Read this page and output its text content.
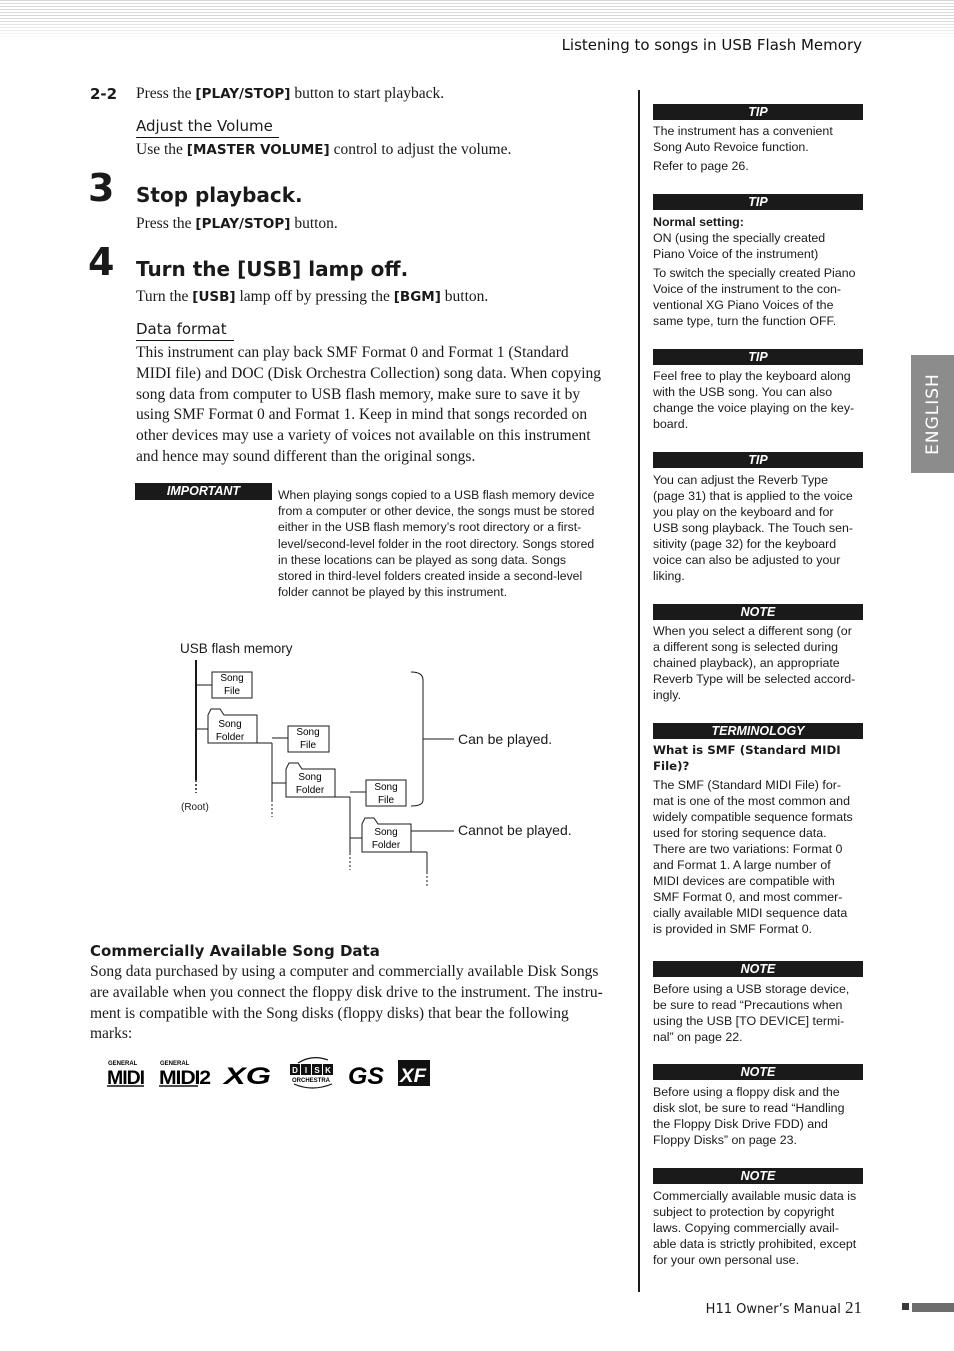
Listening to songs in USB Flash Memory
ENGLISH
2-2 Press the [PLAY/STOP] button to start playback.
Adjust the Volume
Use the [MASTER VOLUME] control to adjust the volume.
3 Stop playback.
Press the [PLAY/STOP] button.
4 Turn the [USB] lamp off.
Turn the [USB] lamp off by pressing the [BGM] button.
Data format
This instrument can play back SMF Format 0 and Format 1 (Standard
MIDI file) and DOC (Disk Orchestra Collection) song data. When copying
song data from computer to USB flash memory, make sure to save it by
using SMF Format 0 and Format 1. Keep in mind that songs recorded on
other devices may use a variety of voices not available on this instrument
and hence may sound different than the original songs.
IMPORTANT	When playing songs copied to a USB flash memory device
from a computer or other device, the songs must be stored
either in the USB flash memory’s root directory or a first-
level/second-level folder in the root directory. Songs stored
in these locations can be played as song data. Songs
stored in third-level folders created inside a second-level
folder cannot be played by this instrument.
USB flash memory
(Root)
Song
File
Song
Folder	Song
File
Song
Folder	Song
File
Song
Folder
Can be played.
Cannot be played.
Commercially Available Song Data
Song data purchased by using a computer and commercially available Disk Songs
are available when you connect the floppy disk drive to the instrument. The instru-
ment is compatible with the Song disks (floppy disks) that bear the following
marks:
GENERAL
MIDI
GENERAL
MIDI2 XG	D I S K
ORCHESTRA GS XF
TIP

The instrument has a convenient
Song Auto Revoice function.

Refer to page 26.

TIP

Normal setting:
ON (using the specially created
Piano Voice of the instrument)

To switch the specially created Piano
Voice of the instrument to the con-
ventional XG Piano Voices of the
same type, turn the function OFF.

TIP

Feel free to play the keyboard along
with the USB song. You can also
change the voice playing on the key-
board.

TIP

You can adjust the Reverb Type
(page 31) that is applied to the voice
you play on the keyboard and for
USB song playback. The Touch sen-
sitivity (page 32) for the keyboard
voice can also be adjusted to your
liking.

NOTE

When you select a different song (or
a different song is selected during
chained playback), an appropriate
Reverb Type will be selected accord-
ingly.

TERMINOLOGY

What is SMF (Standard MIDI File)?

The SMF (Standard MIDI File) for-
mat is one of the most common and
widely compatible sequence formats
used for storing sequence data.
There are two variations: Format 0
and Format 1. A large number of
MIDI devices are compatible with
SMF Format 0, and most commer-
cially available MIDI sequence data
is provided in SMF Format 0.

NOTE

Before using a USB storage device,
be sure to read “Precautions when
using the USB [TO DEVICE] termi-
nal” on page 22.

NOTE

Before using a floppy disk and the
disk slot, be sure to read “Handling
the Floppy Disk Drive FDD) and
Floppy Disks” on page 23.

NOTE

Commercially available music data is
subject to protection by copyright
laws. Copying commercially avail-
able data is strictly prohibited, except
for your own personal use.

H11 Owner’s Manual 21
